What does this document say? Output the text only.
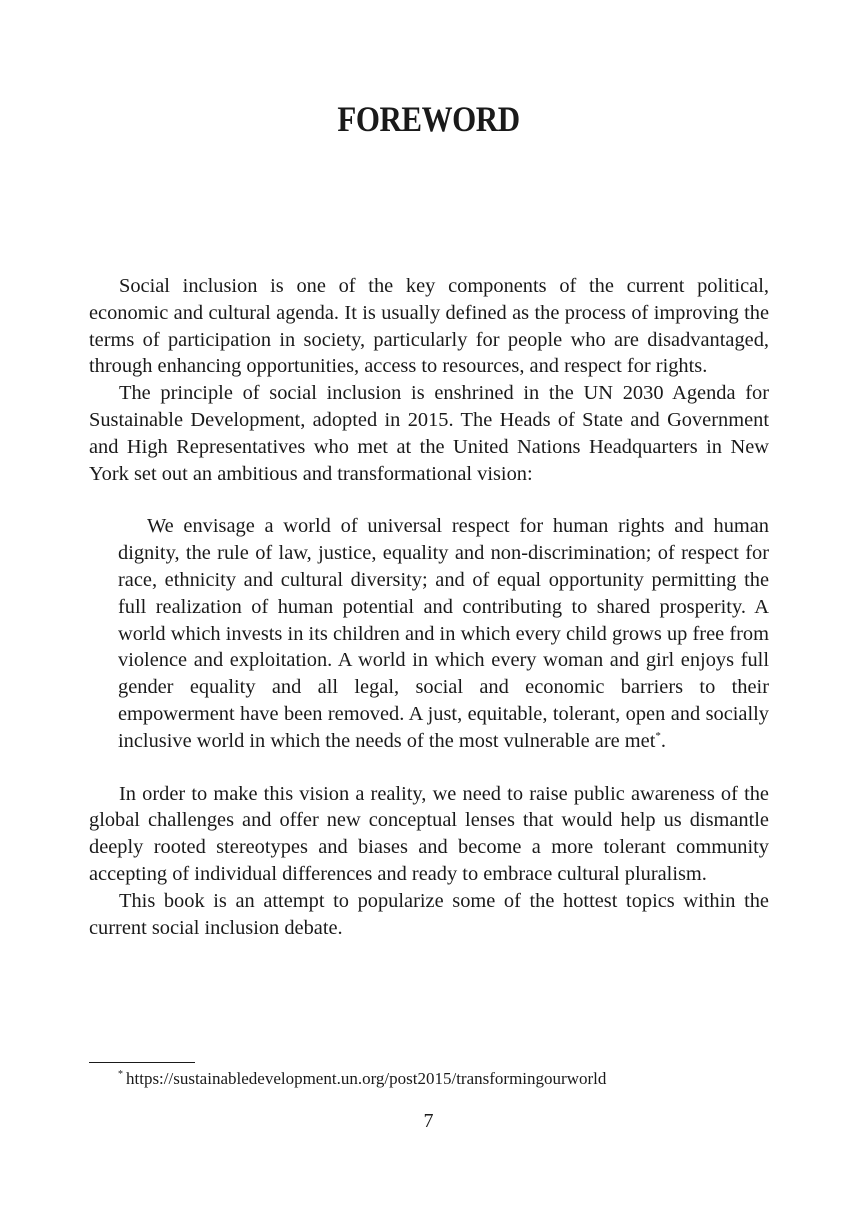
FOREWORD

Social inclusion is one of the key components of the current political, economic and cultural agenda. It is usually defined as the process of improving the terms of participation in society, particularly for people who are disadvantaged, through enhancing opportunities, access to resources, and respect for rights.

The principle of social inclusion is enshrined in the UN 2030 Agenda for Sustainable Development, adopted in 2015. The Heads of State and Government and High Representatives who met at the United Nations Headquarters in New York set out an ambitious and transformational vision:

We envisage a world of universal respect for human rights and human dignity, the rule of law, justice, equality and non-discrimination; of respect for race, ethnicity and cultural diversity; and of equal opportunity permitting the full realization of human potential and contributing to shared prosperity. A world which invests in its children and in which every child grows up free from violence and exploitation. A world in which every woman and girl enjoys full gender equality and all legal, social and economic barriers to their empowerment have been removed. A just, equitable, tolerant, open and socially inclusive world in which the needs of the most vulnerable are met*.

In order to make this vision a reality, we need to raise public awareness of the global challenges and offer new conceptual lenses that would help us dismantle deeply rooted stereotypes and biases and become a more tolerant community accepting of individual differences and ready to embrace cultural pluralism.

This book is an attempt to popularize some of the hottest topics within the current social inclusion debate.

* https://sustainabledevelopment.un.org/post2015/transformingourworld
7
